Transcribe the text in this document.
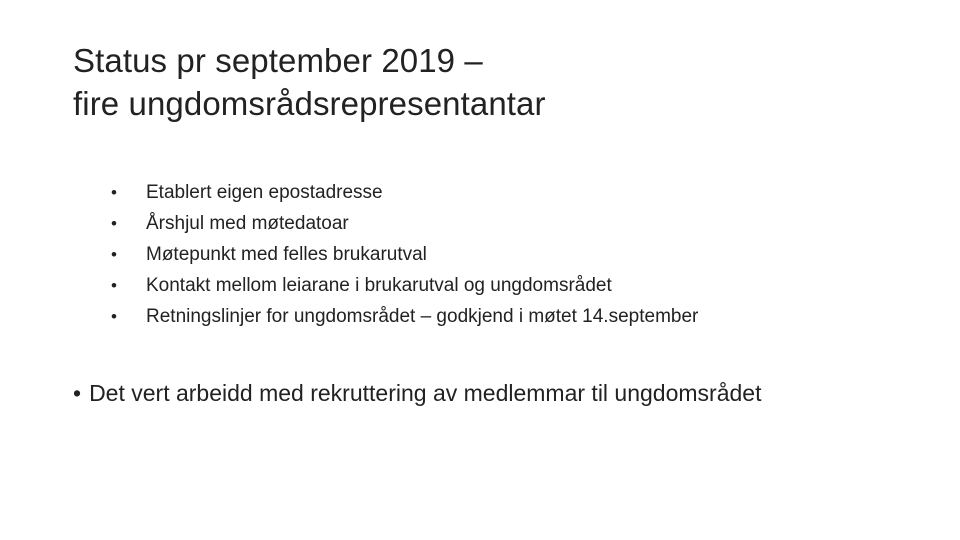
Status pr september 2019 –
fire ungdomsrådsrepresentantar
• Etablert eigen epostadresse
• Årshjul med møtedatoar
• Møtepunkt med felles brukarutval
• Kontakt mellom leiarane i brukarutval og ungdomsrådet
• Retningslinjer for ungdomsrådet – godkjend i møtet 14.september
• Det vert arbeidd med rekruttering av medlemmar til ungdomsrådet
